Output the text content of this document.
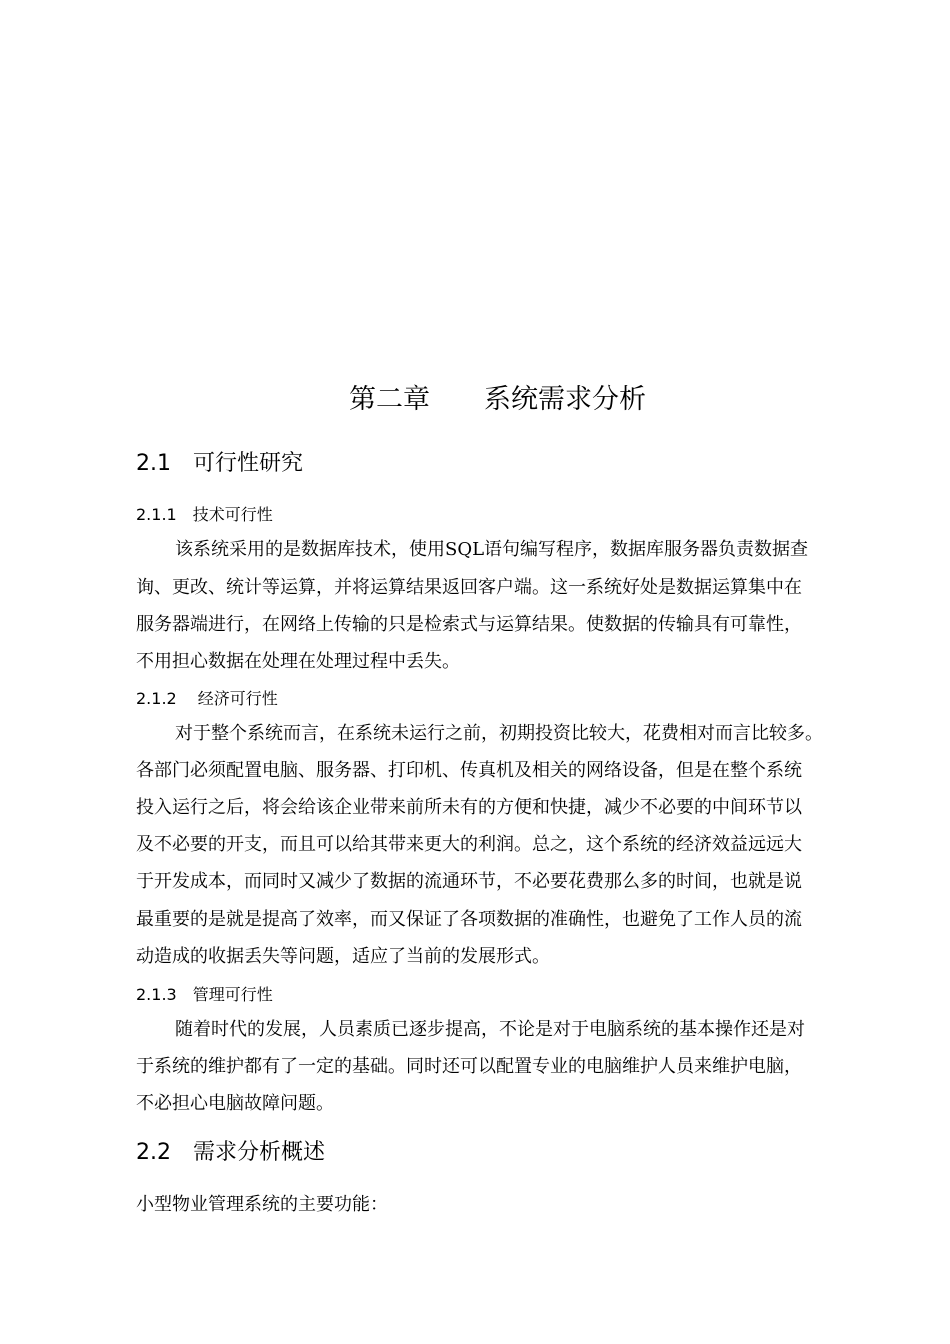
第二章　　系统需求分析
2.1　可行性研究
2.1.1　技术可行性
该系统采用的是数据库技术，使用SQL语句编写程序，数据库服务器负责数据查
询、更改、统计等运算，并将运算结果返回客户端。这一系统好处是数据运算集中在
服务器端进行，在网络上传输的只是检索式与运算结果。使数据的传输具有可靠性，
不用担心数据在处理在处理过程中丢失。
2.1.2　 经济可行性
对于整个系统而言，在系统未运行之前，初期投资比较大，花费相对而言比较多。
各部门必须配置电脑、服务器、打印机、传真机及相关的网络设备，但是在整个系统
投入运行之后，将会给该企业带来前所未有的方便和快捷，减少不必要的中间环节以
及不必要的开支，而且可以给其带来更大的利润。总之，这个系统的经济效益远远大
于开发成本，而同时又减少了数据的流通环节，不必要花费那么多的时间，也就是说
最重要的是就是提高了效率，而又保证了各项数据的准确性，也避免了工作人员的流
动造成的收据丢失等问题，适应了当前的发展形式。
2.1.3　管理可行性
随着时代的发展，人员素质已逐步提高，不论是对于电脑系统的基本操作还是对
于系统的维护都有了一定的基础。同时还可以配置专业的电脑维护人员来维护电脑，
不必担心电脑故障问题。
2.2　需求分析概述
小型物业管理系统的主要功能：
